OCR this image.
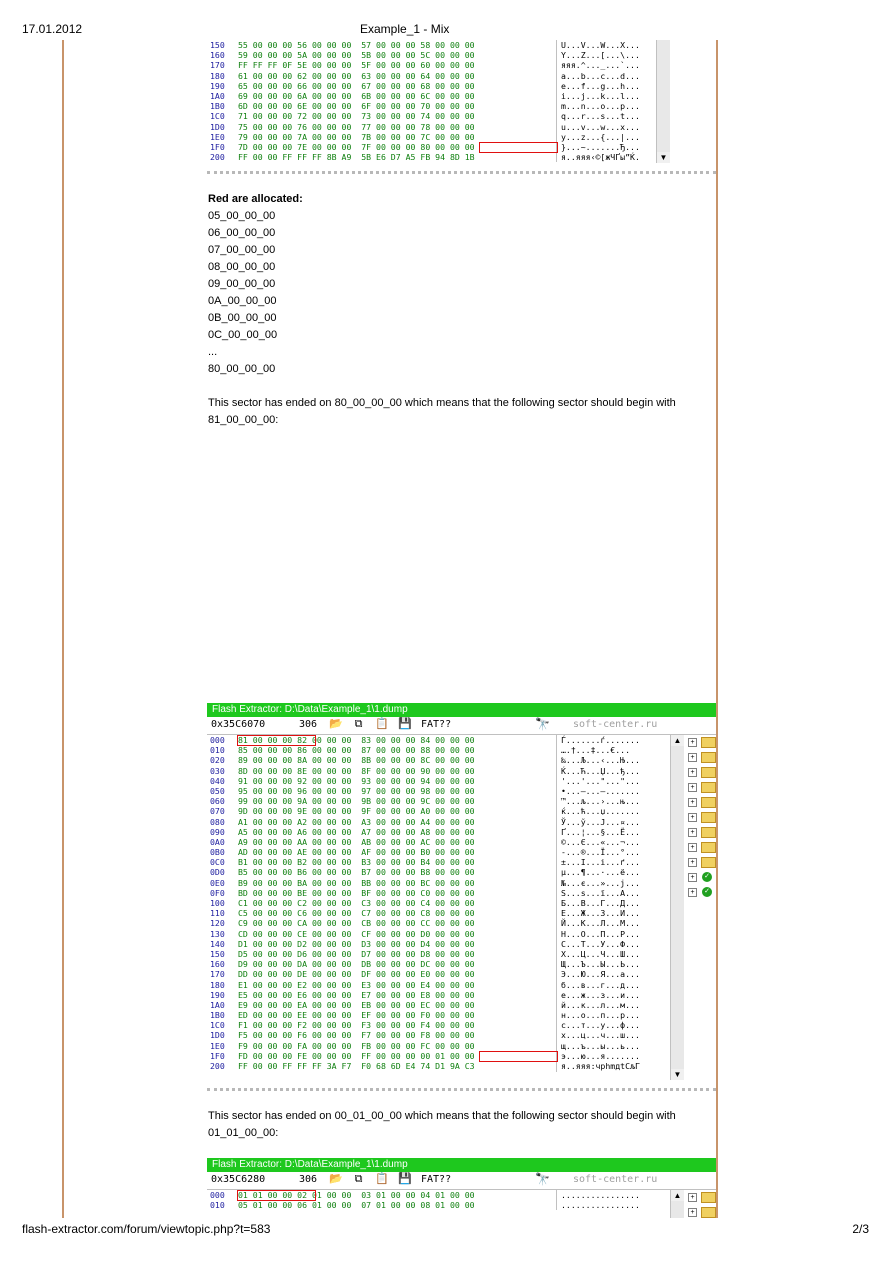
17.01.2012	Example_1 - Mix
150 55 00 00 00 56 00 00 00  57 00 00 00 58 00 00 00	U...V...W...X...
160 59 00 00 00 5A 00 00 00  5B 00 00 00 5C 00 00 00	Y...Z...[...\...
170 FF FF FF 0F 5E 00 00 00  5F 00 00 00 60 00 00 00	яяя.^..._...`...
180 61 00 00 00 62 00 00 00  63 00 00 00 64 00 00 00	a...b...c...d...
190 65 00 00 00 66 00 00 00  67 00 00 00 68 00 00 00	e...f...g...h...
1A0 69 00 00 00 6A 00 00 00  6B 00 00 00 6C 00 00 00	i...j...k...l...
1B0 6D 00 00 00 6E 00 00 00  6F 00 00 00 70 00 00 00	m...n...o...p...
1C0 71 00 00 00 72 00 00 00  73 00 00 00 74 00 00 00	q...r...s...t...
1D0 75 00 00 00 76 00 00 00  77 00 00 00 78 00 00 00	u...v...w...x...
1E0 79 00 00 00 7A 00 00 00  7B 00 00 00 7C 00 00 00	y...z...{...|...
1F0 7D 00 00 00 7E 00 00 00  7F 00 00 00 80 00 00 00	}...~.......Ђ...
200 FF 00 00 FF FF FF 8B A9  5B E6 D7 A5 FB 94 8D 1B	я..яяя‹©[жЧҐы”Ќ.	▼
Red are allocated:
05_00_00_00
06_00_00_00
07_00_00_00
08_00_00_00
09_00_00_00
0A_00_00_00
0B_00_00_00
0C_00_00_00
...
80_00_00_00
This sector has ended on 80_00_00_00 which means that the following sector should begin with 81_00_00_00:
Flash Extractor: D:\Data\Example_1\1.dump
0x35C6070	306 📂 ⧉ 📋 💾 FAT??	🔭 soft-center.ru
000 81 00 00 00 82 00 00 00  83 00 00 00 84 00 00 00	Ѓ.......ѓ.......
010 85 00 00 00 86 00 00 00  87 00 00 00 88 00 00 00	….†...‡...€...
020 89 00 00 00 8A 00 00 00  8B 00 00 00 8C 00 00 00	‰...Љ...‹...Њ...
030 8D 00 00 00 8E 00 00 00  8F 00 00 00 90 00 00 00	Ќ...Ћ...Џ...ђ...
040 91 00 00 00 92 00 00 00  93 00 00 00 94 00 00 00	'...'..."..."...
050 95 00 00 00 96 00 00 00  97 00 00 00 98 00 00 00	•...–...—.......
060 99 00 00 00 9A 00 00 00  9B 00 00 00 9C 00 00 00	™...љ...›...њ...
070 9D 00 00 00 9E 00 00 00  9F 00 00 00 A0 00 00 00	ќ...ћ...џ.......
080 A1 00 00 00 A2 00 00 00  A3 00 00 00 A4 00 00 00	Ў...ў...Ј...¤...
090 A5 00 00 00 A6 00 00 00  A7 00 00 00 A8 00 00 00	Ґ...¦...§...Ё...
0A0 A9 00 00 00 AA 00 00 00  AB 00 00 00 AC 00 00 00	©...Є...«...¬...
0B0 AD 00 00 00 AE 00 00 00  AF 00 00 00 B0 00 00 00	-...®...Ї...°...
0C0 B1 00 00 00 B2 00 00 00  B3 00 00 00 B4 00 00 00	±...І...і...ґ...
0D0 B5 00 00 00 B6 00 00 00  B7 00 00 00 B8 00 00 00	µ...¶...·...ё...
0E0 B9 00 00 00 BA 00 00 00  BB 00 00 00 BC 00 00 00	№...є...»...ј...
0F0 BD 00 00 00 BE 00 00 00  BF 00 00 00 C0 00 00 00	Ѕ...ѕ...ї...А...
100 C1 00 00 00 C2 00 00 00  C3 00 00 00 C4 00 00 00	Б...В...Г...Д...
110 C5 00 00 00 C6 00 00 00  C7 00 00 00 C8 00 00 00	Е...Ж...З...И...
120 C9 00 00 00 CA 00 00 00  CB 00 00 00 CC 00 00 00	Й...К...Л...М...
130 CD 00 00 00 CE 00 00 00  CF 00 00 00 D0 00 00 00	Н...О...П...Р...
140 D1 00 00 00 D2 00 00 00  D3 00 00 00 D4 00 00 00	С...Т...У...Ф...
150 D5 00 00 00 D6 00 00 00  D7 00 00 00 D8 00 00 00	Х...Ц...Ч...Ш...
160 D9 00 00 00 DA 00 00 00  DB 00 00 00 DC 00 00 00	Щ...Ъ...Ы...Ь...
170 DD 00 00 00 DE 00 00 00  DF 00 00 00 E0 00 00 00	Э...Ю...Я...а...
180 E1 00 00 00 E2 00 00 00  E3 00 00 00 E4 00 00 00	б...в...г...д...
190 E5 00 00 00 E6 00 00 00  E7 00 00 00 E8 00 00 00	е...ж...з...и...
1A0 E9 00 00 00 EA 00 00 00  EB 00 00 00 EC 00 00 00	й...к...л...м...
1B0 ED 00 00 00 EE 00 00 00  EF 00 00 00 F0 00 00 00	н...о...п...р...
1C0 F1 00 00 00 F2 00 00 00  F3 00 00 00 F4 00 00 00	с...т...у...ф...
1D0 F5 00 00 00 F6 00 00 00  F7 00 00 00 F8 00 00 00	х...ц...ч...ш...
1E0 F9 00 00 00 FA 00 00 00  FB 00 00 00 FC 00 00 00	щ...ъ...ы...ь...
1F0 FD 00 00 00 FE 00 00 00  FF 00 00 00 00 01 00 00	э...ю...я.......
200 FF 00 00 FF FF FF 3A F7  F0 68 6D E4 74 D1 9A C3	я..яяя:чрhmдtСљГ
▲
▼
+
+
+
+
+
+
+
+
+
+	✓
+	✓
This sector has ended on 00_01_00_00 which means that the following sector should begin with 01_01_00_00:
Flash Extractor: D:\Data\Example_1\1.dump
0x35C6280	306 📂 ⧉ 📋 💾 FAT??	🔭 soft-center.ru
000 01 01 00 00 02 01 00 00  03 01 00 00 04 01 00 00	................
010 05 01 00 00 06 01 00 00  07 01 00 00 08 01 00 00	................
▲	+
+
flash-extractor.com/forum/viewtopic.php?t=583	2/3
